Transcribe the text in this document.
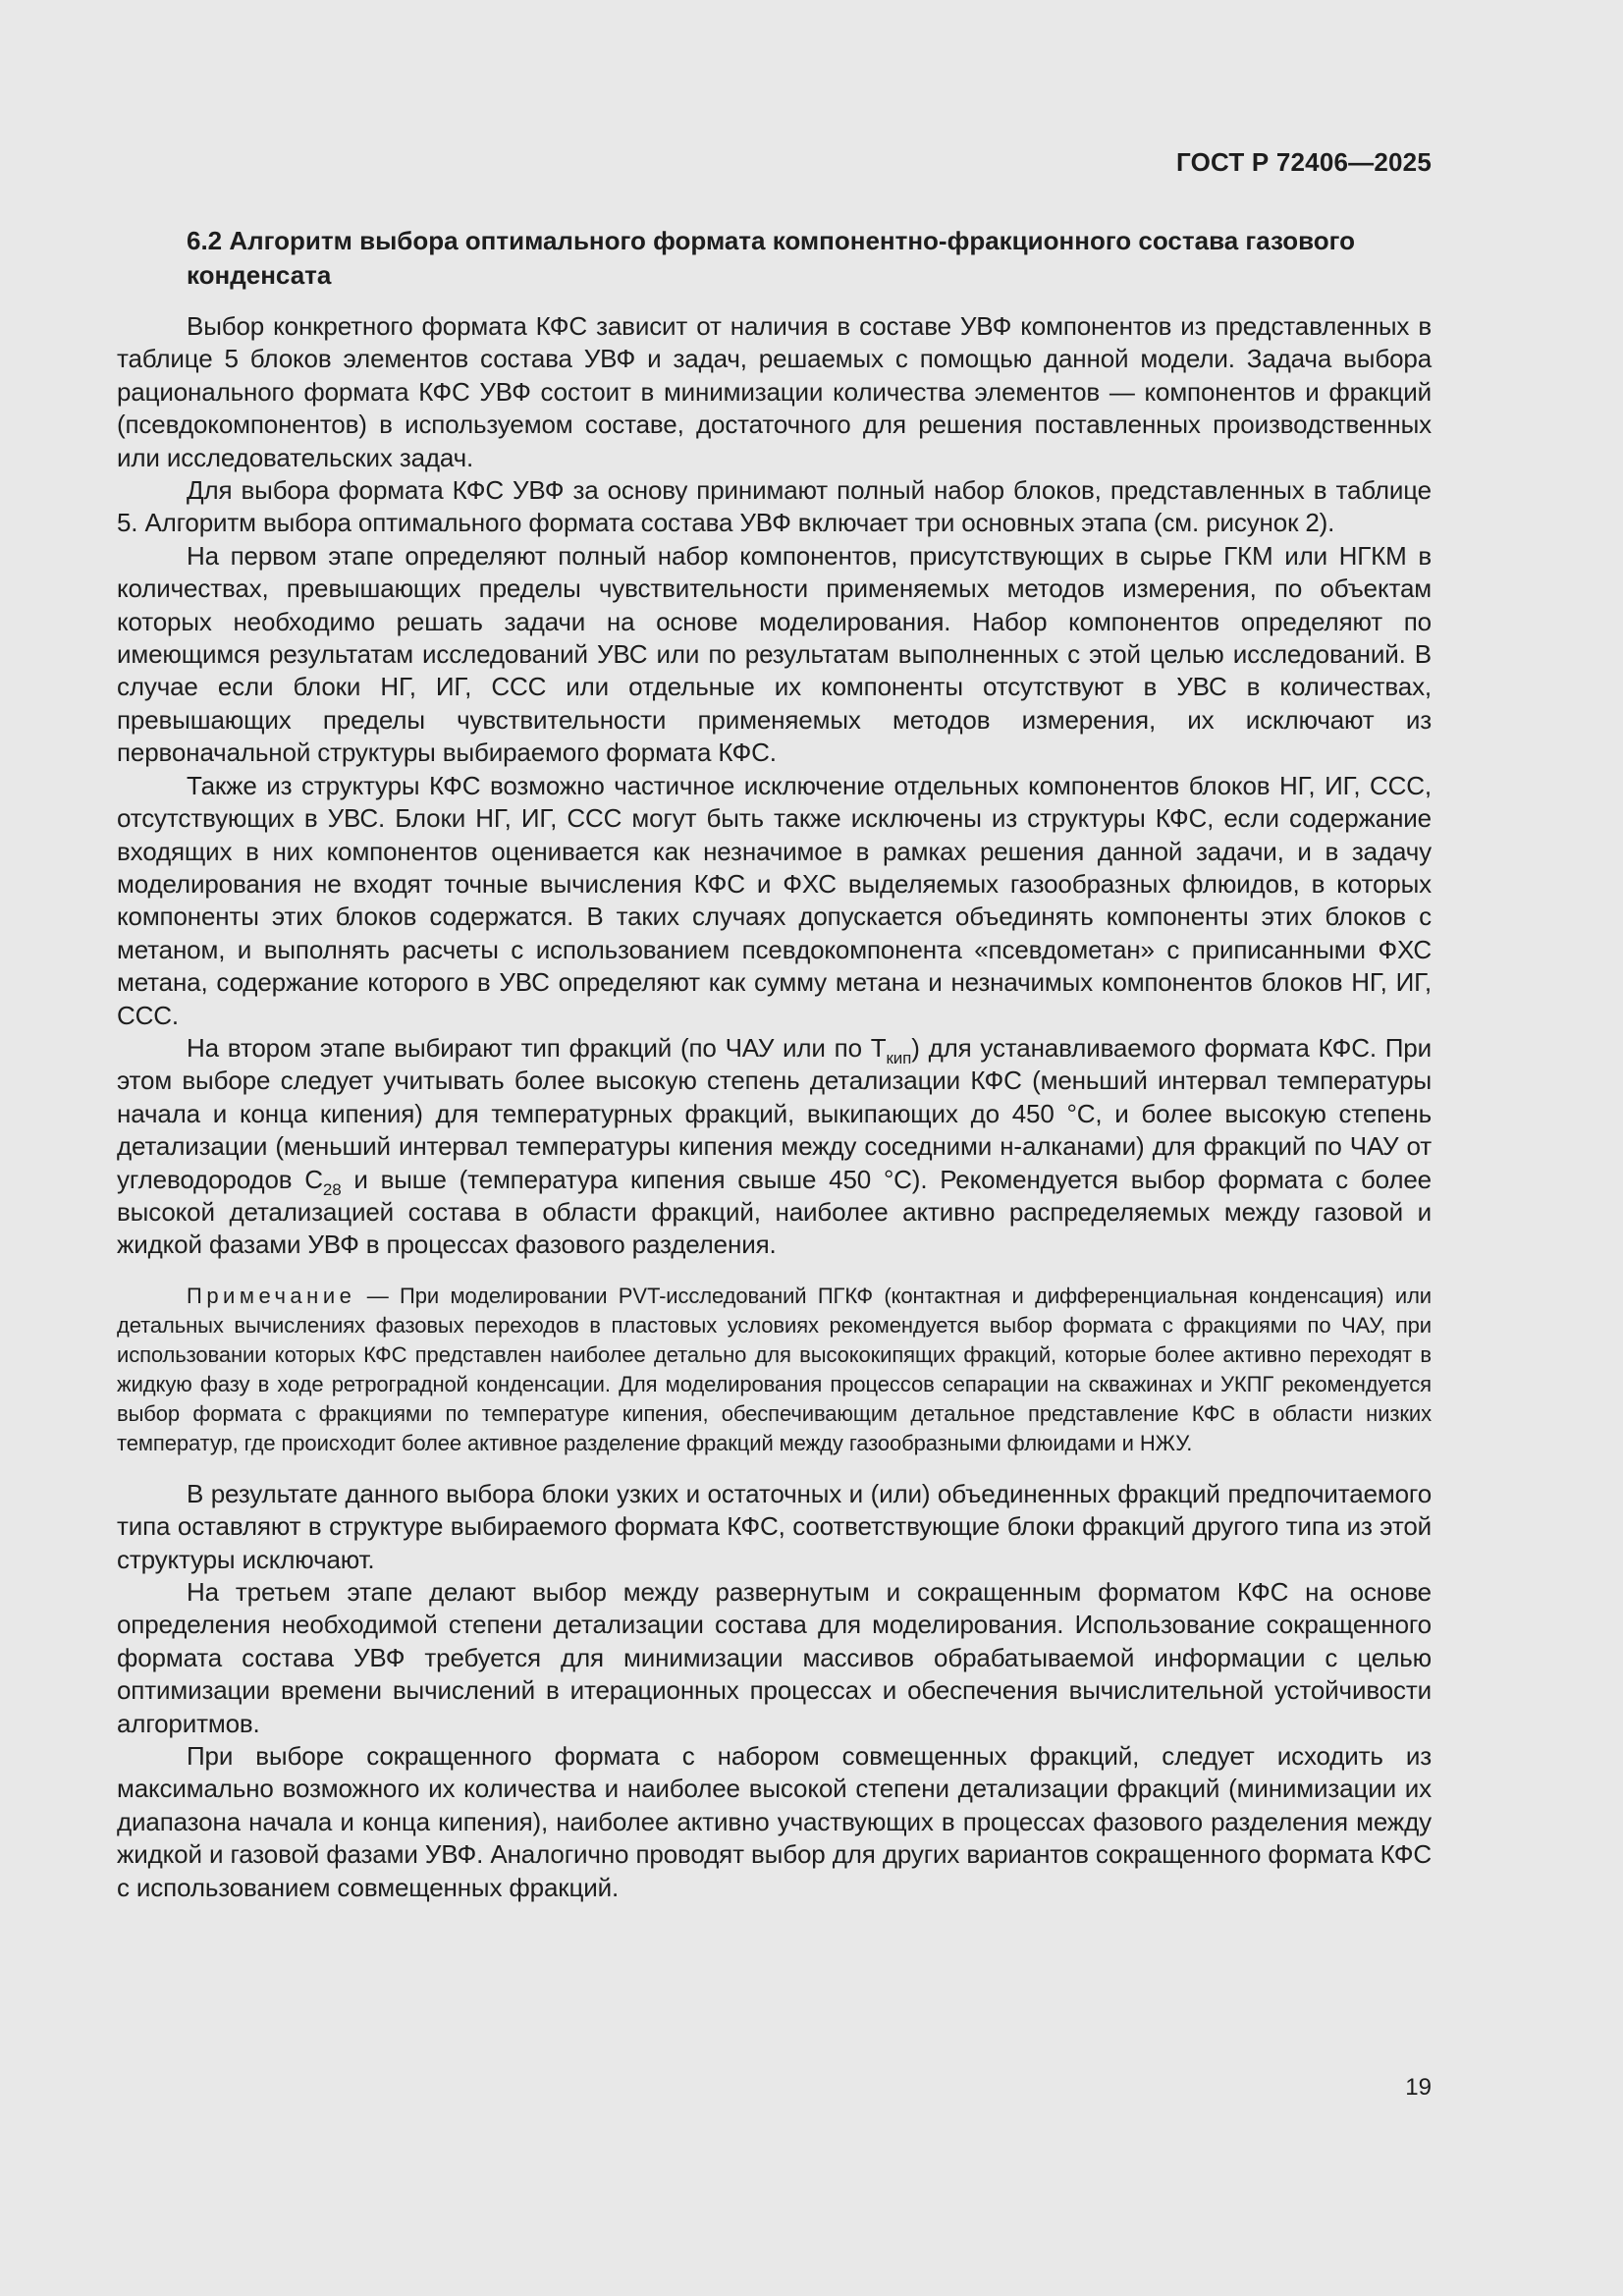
ГОСТ Р 72406—2025
6.2 Алгоритм выбора оптимального формата компонентно-фракционного состава газового конденсата

Выбор конкретного формата КФС зависит от наличия в составе УВФ компонентов из представленных в таблице 5 блоков элементов состава УВФ и задач, решаемых с помощью данной модели. Задача выбора рационального формата КФС УВФ состоит в минимизации количества элементов — компонентов и фракций (псевдокомпонентов) в используемом составе, достаточного для решения поставленных производственных или исследовательских задач.

Для выбора формата КФС УВФ за основу принимают полный набор блоков, представленных в таблице 5. Алгоритм выбора оптимального формата состава УВФ включает три основных этапа (см. рисунок 2).

На первом этапе определяют полный набор компонентов, присутствующих в сырье ГКМ или НГКМ в количествах, превышающих пределы чувствительности применяемых методов измерения, по объектам которых необходимо решать задачи на основе моделирования. Набор компонентов определяют по имеющимся результатам исследований УВС или по результатам выполненных с этой целью исследований. В случае если блоки НГ, ИГ, ССС или отдельные их компоненты отсутствуют в УВС в количествах, превышающих пределы чувствительности применяемых методов измерения, их исключают из первоначальной структуры выбираемого формата КФС.

Также из структуры КФС возможно частичное исключение отдельных компонентов блоков НГ, ИГ, ССС, отсутствующих в УВС. Блоки НГ, ИГ, ССС могут быть также исключены из структуры КФС, если содержание входящих в них компонентов оценивается как незначимое в рамках решения данной задачи, и в задачу моделирования не входят точные вычисления КФС и ФХС выделяемых газообразных флюидов, в которых компоненты этих блоков содержатся. В таких случаях допускается объединять компоненты этих блоков с метаном, и выполнять расчеты с использованием псевдокомпонента «псевдометан» с приписанными ФХС метана, содержание которого в УВС определяют как сумму метана и незначимых компонентов блоков НГ, ИГ, ССС.

На втором этапе выбирают тип фракций (по ЧАУ или по $T_{кип}$) для устанавливаемого формата КФС. При этом выборе следует учитывать более высокую степень детализации КФС (меньший интервал температуры начала и конца кипения) для температурных фракций, выкипающих до 450 °С, и более высокую степень детализации (меньший интервал температуры кипения между соседними н-алканами) для фракций по ЧАУ от углеводородов $С_{28}$ и выше (температура кипения свыше 450 °С). Рекомендуется выбор формата с более высокой детализацией состава в области фракций, наиболее активно распределяемых между газовой и жидкой фазами УВФ в процессах фазового разделения.

Примечание — При моделировании PVT-исследований ПГКФ (контактная и дифференциальная конденсация) или детальных вычислениях фазовых переходов в пластовых условиях рекомендуется выбор формата с фракциями по ЧАУ, при использовании которых КФС представлен наиболее детально для высококипящих фракций, которые более активно переходят в жидкую фазу в ходе ретроградной конденсации. Для моделирования процессов сепарации на скважинах и УКПГ рекомендуется выбор формата с фракциями по температуре кипения, обеспечивающим детальное представление КФС в области низких температур, где происходит более активное разделение фракций между газообразными флюидами и НЖУ.

В результате данного выбора блоки узких и остаточных и (или) объединенных фракций предпочитаемого типа оставляют в структуре выбираемого формата КФС, соответствующие блоки фракций другого типа из этой структуры исключают.

На третьем этапе делают выбор между развернутым и сокращенным форматом КФС на основе определения необходимой степени детализации состава для моделирования. Использование сокращенного формата состава УВФ требуется для минимизации массивов обрабатываемой информации с целью оптимизации времени вычислений в итерационных процессах и обеспечения вычислительной устойчивости алгоритмов.

При выборе сокращенного формата с набором совмещенных фракций, следует исходить из максимально возможного их количества и наиболее высокой степени детализации фракций (минимизации их диапазона начала и конца кипения), наиболее активно участвующих в процессах фазового разделения между жидкой и газовой фазами УВФ. Аналогично проводят выбор для других вариантов сокращенного формата КФС с использованием совмещенных фракций.

19
